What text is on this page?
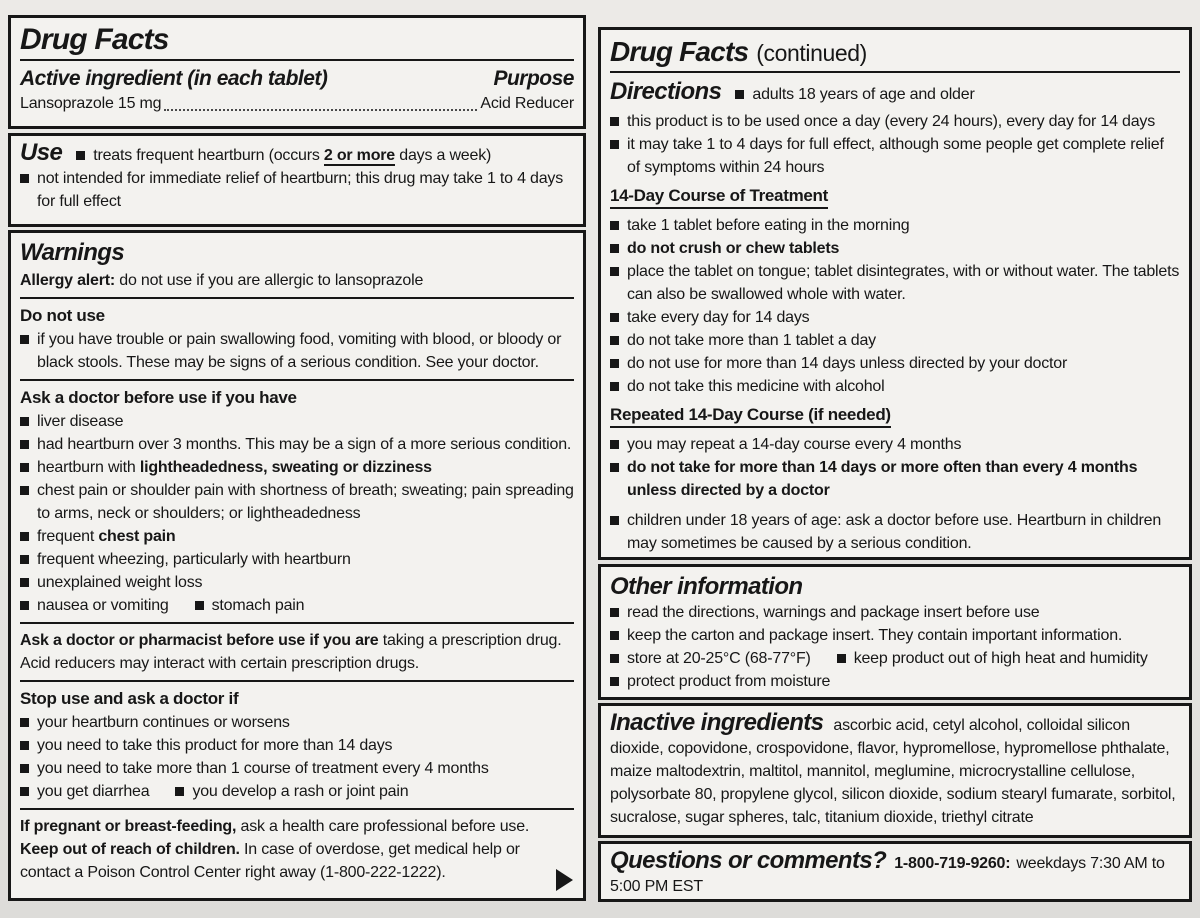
Drug Facts
Active ingredient (in each tablet)	Purpose
Lansoprazole 15 mg	Acid Reducer
Use treats frequent heartburn (occurs 2 or more days a week)
not intended for immediate relief of heartburn; this drug may take 1 to 4 days for full effect
Warnings
Allergy alert: do not use if you are allergic to lansoprazole
Do not use
if you have trouble or pain swallowing food, vomiting with blood, or bloody or black stools. These may be signs of a serious condition. See your doctor.
Ask a doctor before use if you have
liver disease
had heartburn over 3 months. This may be a sign of a more serious condition.
heartburn with lightheadedness, sweating or dizziness
chest pain or shoulder pain with shortness of breath; sweating; pain spreading to arms, neck or shoulders; or lightheadedness
frequent chest pain
frequent wheezing, particularly with heartburn
unexplained weight loss
nausea or vomiting	stomach pain
Ask a doctor or pharmacist before use if you are taking a prescription drug. Acid reducers may interact with certain prescription drugs.
Stop use and ask a doctor if
your heartburn continues or worsens
you need to take this product for more than 14 days
you need to take more than 1 course of treatment every 4 months
you get diarrhea	you develop a rash or joint pain
If pregnant or breast-feeding, ask a health care professional before use.
Keep out of reach of children. In case of overdose, get medical help or contact a Poison Control Center right away (1-800-222-1222).
Drug Facts (continued)
Directions adults 18 years of age and older
this product is to be used once a day (every 24 hours), every day for 14 days
it may take 1 to 4 days for full effect, although some people get complete relief of symptoms within 24 hours
14-Day Course of Treatment
take 1 tablet before eating in the morning
do not crush or chew tablets
place the tablet on tongue; tablet disintegrates, with or without water. The tablets can also be swallowed whole with water.
take every day for 14 days
do not take more than 1 tablet a day
do not use for more than 14 days unless directed by your doctor
do not take this medicine with alcohol
Repeated 14-Day Course (if needed)
you may repeat a 14-day course every 4 months
do not take for more than 14 days or more often than every 4 months unless directed by a doctor
children under 18 years of age: ask a doctor before use. Heartburn in children may sometimes be caused by a serious condition.
Other information
read the directions, warnings and package insert before use
keep the carton and package insert. They contain important information.
store at 20-25°C (68-77°F)	keep product out of high heat and humidity
protect product from moisture

Inactive ingredients ascorbic acid, cetyl alcohol, colloidal silicon dioxide, copovidone, crospovidone, flavor, hypromellose, hypromellose phthalate, maize maltodextrin, maltitol, mannitol, meglumine, microcrystalline cellulose, polysorbate 80, propylene glycol, silicon dioxide, sodium stearyl fumarate, sorbitol, sucralose, sugar spheres, talc, titanium dioxide, triethyl citrate

Questions or comments? 1-800-719-9260: weekdays 7:30 AM to 5:00 PM EST
